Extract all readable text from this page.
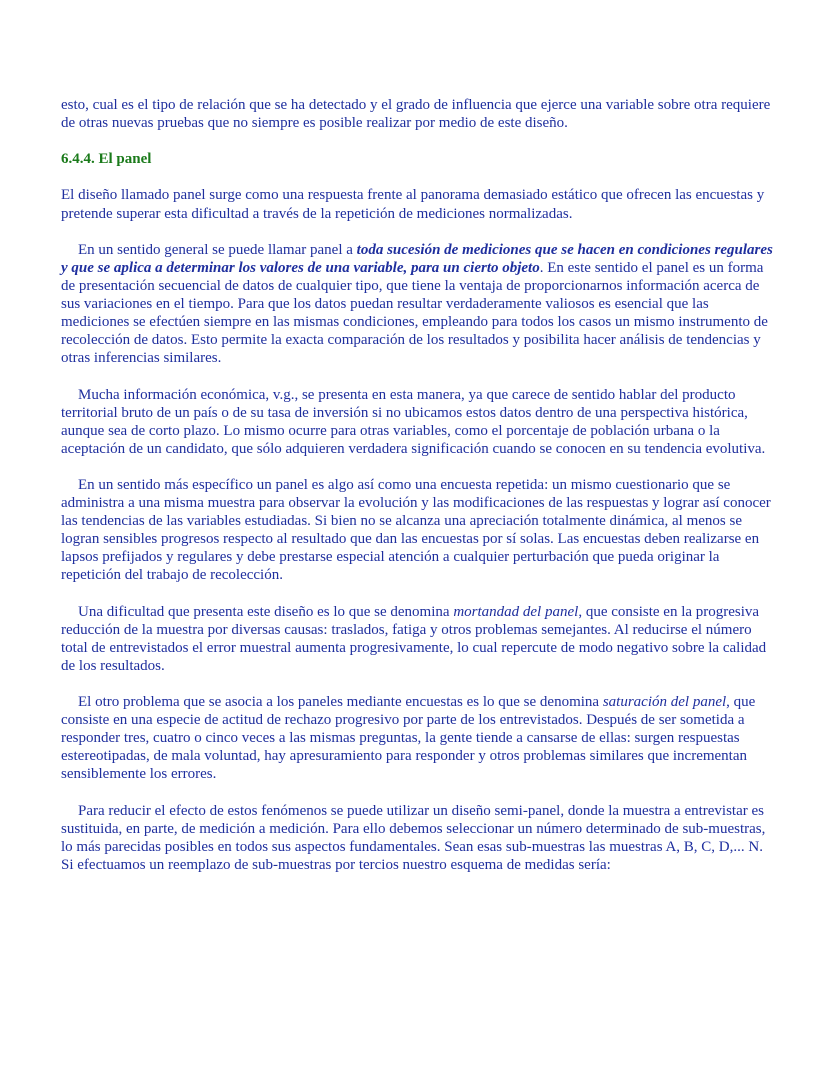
esto, cual es el tipo de relación que se ha detectado y el grado de influencia que ejerce una variable sobre otra requiere de otras nuevas pruebas que no siempre es posible realizar por medio de este diseño.

6.4.4. El panel

El diseño llamado panel surge como una respuesta frente al panorama demasiado estático que ofrecen las encuestas y pretende superar esta dificultad a través de la repetición de mediciones normalizadas.

En un sentido general se puede llamar panel a toda sucesión de mediciones que se hacen en condiciones regulares y que se aplica a determinar los valores de una variable, para un cierto objeto. En este sentido el panel es un forma de presentación secuencial de datos de cualquier tipo, que tiene la ventaja de proporcionarnos información acerca de sus variaciones en el tiempo. Para que los datos puedan resultar verdaderamente valiosos es esencial que las mediciones se efectúen siempre en las mismas condiciones, empleando para todos los casos un mismo instrumento de recolección de datos. Esto permite la exacta comparación de los resultados y posibilita hacer análisis de tendencias y otras inferencias similares.

Mucha información económica, v.g., se presenta en esta manera, ya que carece de sentido hablar del producto territorial bruto de un país o de su tasa de inversión si no ubicamos estos datos dentro de una perspectiva histórica, aunque sea de corto plazo. Lo mismo ocurre para otras variables, como el porcentaje de población urbana o la aceptación de un candidato, que sólo adquieren verdadera significación cuando se conocen en su tendencia evolutiva.

En un sentido más específico un panel es algo así como una encuesta repetida: un mismo cuestionario que se administra a una misma muestra para observar la evolución y las modificaciones de las respuestas y lograr así conocer las tendencias de las variables estudiadas. Si bien no se alcanza una apreciación totalmente dinámica, al menos se logran sensibles progresos respecto al resultado que dan las encuestas por sí solas. Las encuestas deben realizarse en lapsos prefijados y regulares y debe prestarse especial atención a cualquier perturbación que pueda originar la repetición del trabajo de recolección.

Una dificultad que presenta este diseño es lo que se denomina mortandad del panel, que consiste en la progresiva reducción de la muestra por diversas causas: traslados, fatiga y otros problemas semejantes. Al reducirse el número total de entrevistados el error muestral aumenta progresivamente, lo cual repercute de modo negativo sobre la calidad de los resultados.

El otro problema que se asocia a los paneles mediante encuestas es lo que se denomina saturación del panel, que consiste en una especie de actitud de rechazo progresivo por parte de los entrevistados. Después de ser sometida a responder tres, cuatro o cinco veces a las mismas preguntas, la gente tiende a cansarse de ellas: surgen respuestas estereotipadas, de mala voluntad, hay apresuramiento para responder y otros problemas similares que incrementan sensiblemente los errores.

Para reducir el efecto de estos fenómenos se puede utilizar un diseño semi-panel, donde la muestra a entrevistar es sustituida, en parte, de medición a medición. Para ello debemos seleccionar un número determinado de sub-muestras, lo más parecidas posibles en todos sus aspectos fundamentales. Sean esas sub-muestras las muestras A, B, C, D,... N. Si efectuamos un reemplazo de sub-muestras por tercios nuestro esquema de medidas sería:
